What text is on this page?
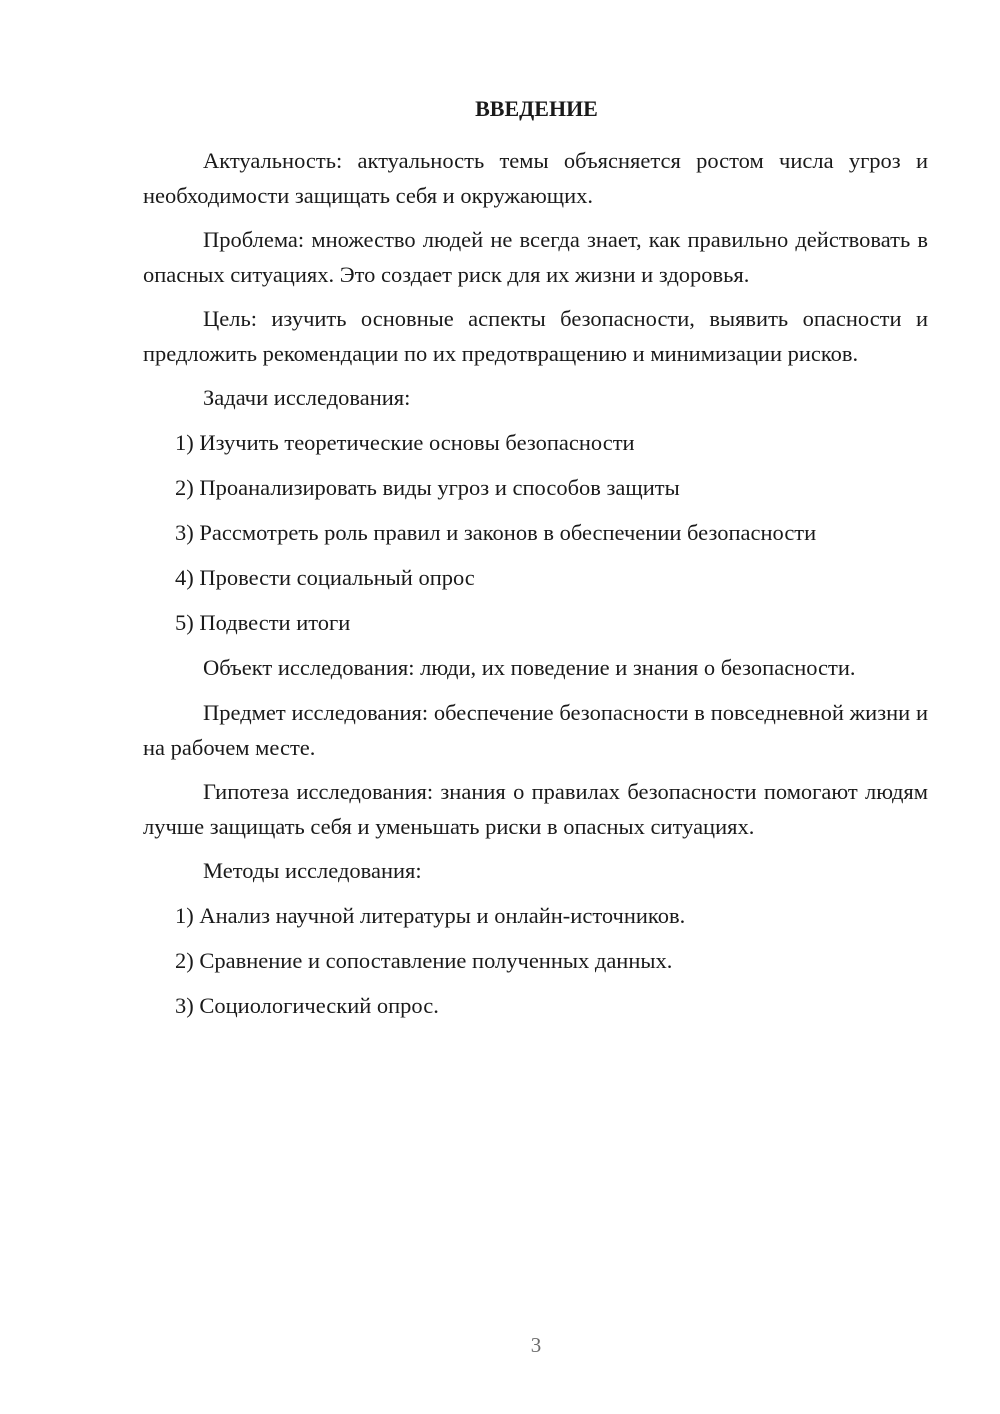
ВВЕДЕНИЕ
Актуальность: актуальность темы объясняется ростом числа угроз и необходимости защищать себя и окружающих.
Проблема: множество людей не всегда знает, как правильно действовать в опасных ситуациях. Это создает риск для их жизни и здоровья.
Цель: изучить основные аспекты безопасности, выявить опасности и предложить рекомендации по их предотвращению и минимизации рисков.
Задачи исследования:
1) Изучить теоретические основы безопасности
2) Проанализировать виды угроз и способов защиты
3) Рассмотреть роль правил и законов в обеспечении безопасности
4) Провести социальный опрос
5) Подвести итоги
Объект исследования: люди, их поведение и знания о безопасности.
Предмет исследования: обеспечение безопасности в повседневной жизни и на рабочем месте.
Гипотеза исследования: знания о правилах безопасности помогают людям лучше защищать себя и уменьшать риски в опасных ситуациях.
Методы исследования:
1) Анализ научной литературы и онлайн-источников.
2) Сравнение и сопоставление полученных данных.
3) Социологический опрос.
3
